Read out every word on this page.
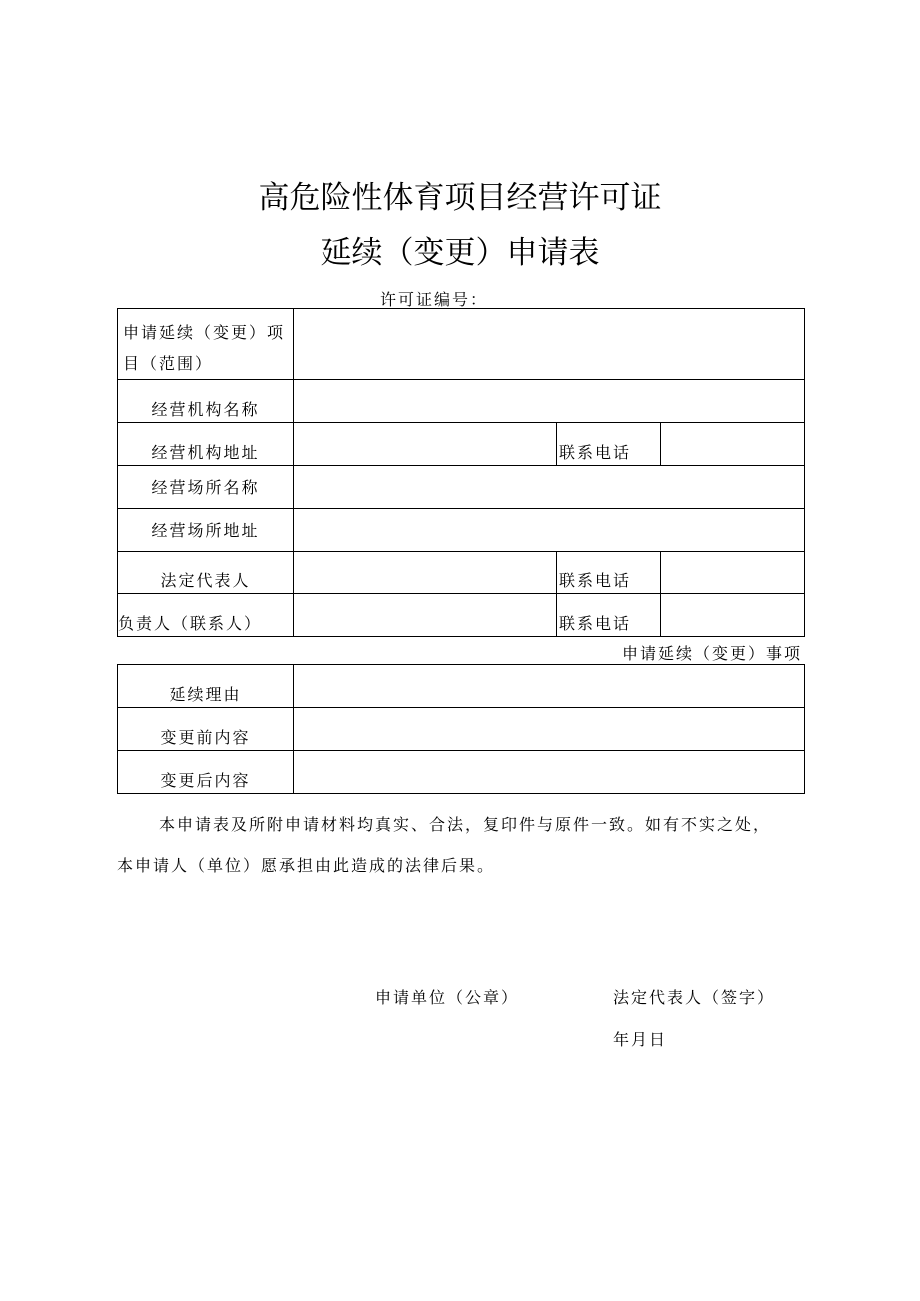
高危险性体育项目经营许可证
延续（变更）申请表
许可证编号：
申请延续（变更）项目（范围）			
经营机构名称			
经营机构地址		联系电话	
经营场所名称			
经营场所地址			
法定代表人		联系电话	
负责人（联系人）		联系电话	
申请延续（变更）事项
延续理由	
变更前内容	
变更后内容	
本申请表及所附申请材料均真实、合法，复印件与原件一致。如有不实之处，
本申请人（单位）愿承担由此造成的法律后果。
申请单位（公章）	法定代表人（签字）
年月日
